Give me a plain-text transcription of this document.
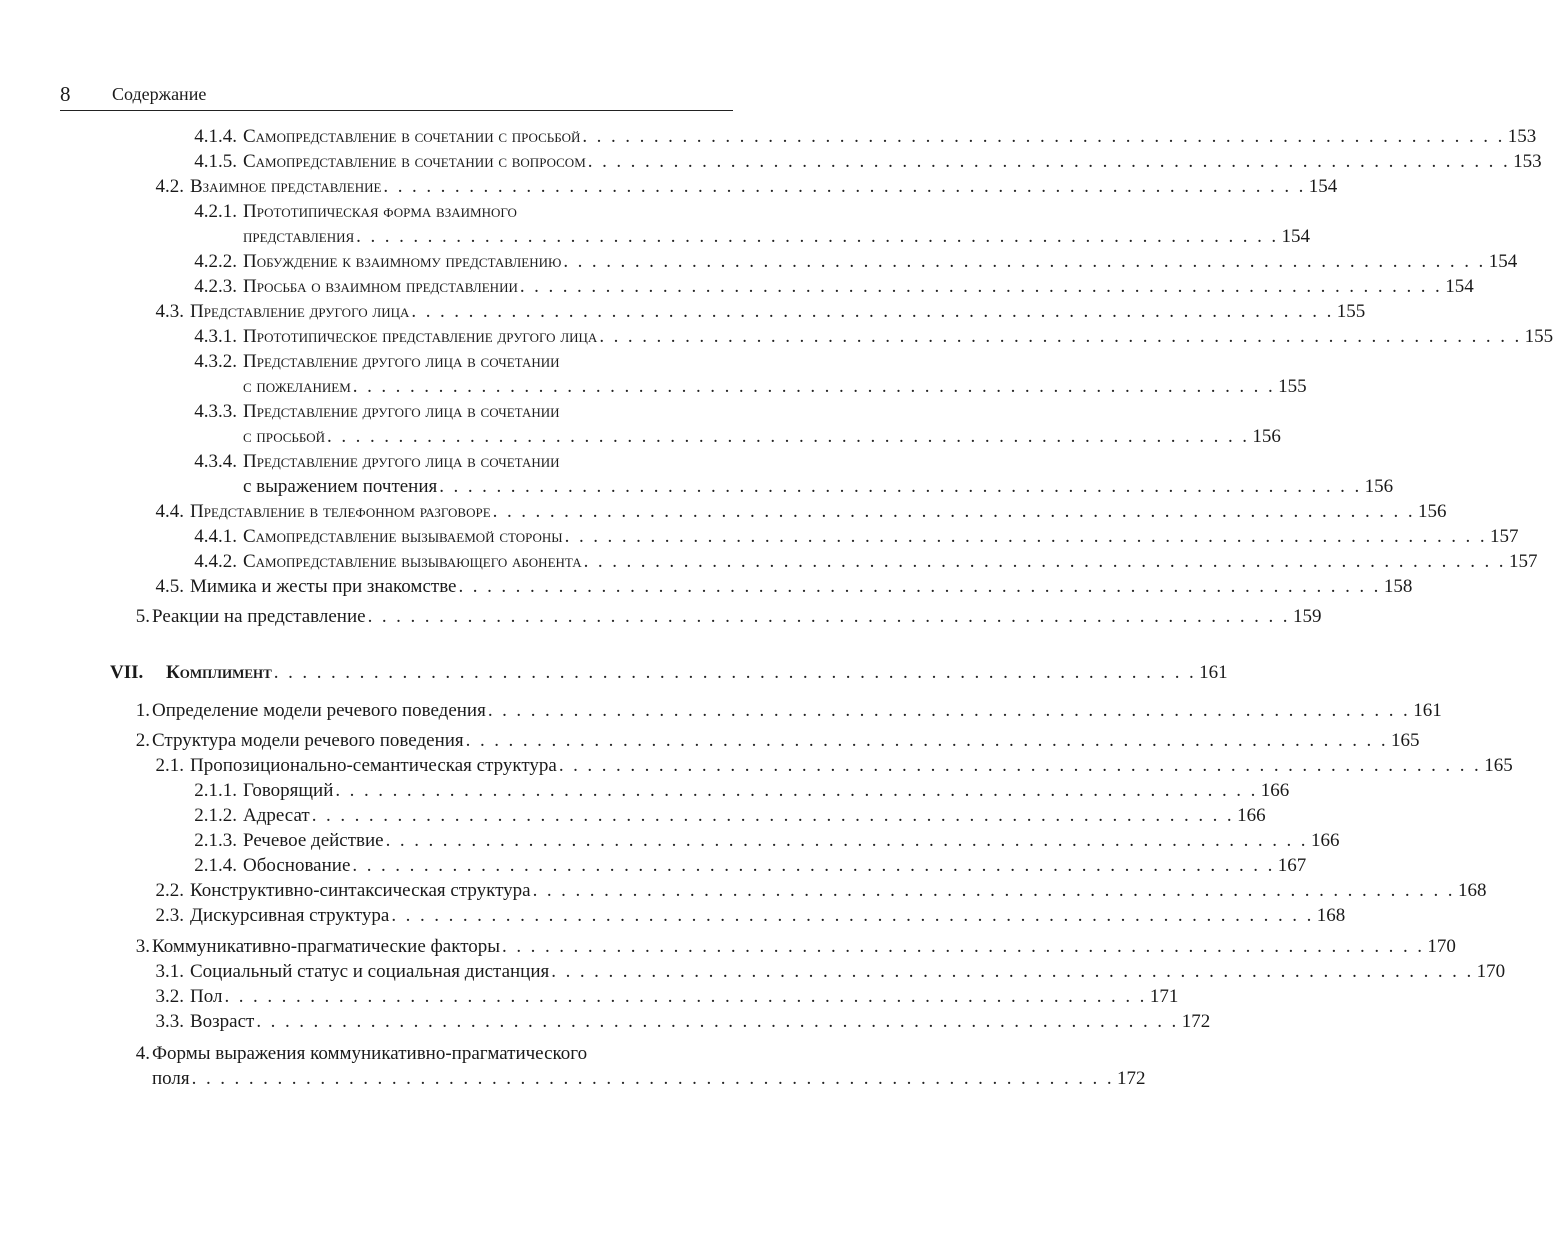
8 Содержание
4.1.4. Самопредставление в сочетании с просьбой . . . . . . . . . . . . . . . . . . . . . . . . . . . . . . . . . . . . . . . . . . . . . . . . . . . . . . . . . . . . . . . . . 153
4.1.5. Самопредставление в сочетании с вопросом . . . . . . . . . . . . . . . . . . . . . . . . . . . . . . . . . . . . . . . . . . . . . . . . . . . . . . . . . . . . . . . . . 153
4.2. Взаимное представление . . . . . . . . . . . . . . . . . . . . . . . . . . . . . . . . . . . . . . . . . . . . . . . . . . . . . . . . . . . . . . . . . 154
4.2.1. Прототипическая форма взаимного
представления . . . . . . . . . . . . . . . . . . . . . . . . . . . . . . . . . . . . . . . . . . . . . . . . . . . . . . . . . . . . . . . . . 154
4.2.2. Побуждение к взаимному представлению . . . . . . . . . . . . . . . . . . . . . . . . . . . . . . . . . . . . . . . . . . . . . . . . . . . . . . . . . . . . . . . . . 154
4.2.3. Просьба о взаимном представлении . . . . . . . . . . . . . . . . . . . . . . . . . . . . . . . . . . . . . . . . . . . . . . . . . . . . . . . . . . . . . . . . . 154
4.3. Представление другого лица . . . . . . . . . . . . . . . . . . . . . . . . . . . . . . . . . . . . . . . . . . . . . . . . . . . . . . . . . . . . . . . . . 155
4.3.1. Прототипическое представление другого лица . . . . . . . . . . . . . . . . . . . . . . . . . . . . . . . . . . . . . . . . . . . . . . . . . . . . . . . . . . . . . . . . . 155
4.3.2. Представление другого лица в сочетании
с пожеланием . . . . . . . . . . . . . . . . . . . . . . . . . . . . . . . . . . . . . . . . . . . . . . . . . . . . . . . . . . . . . . . . . 155
4.3.3. Представление другого лица в сочетании
с просьбой . . . . . . . . . . . . . . . . . . . . . . . . . . . . . . . . . . . . . . . . . . . . . . . . . . . . . . . . . . . . . . . . . 156
4.3.4. Представление другого лица в сочетании
с выражением почтения . . . . . . . . . . . . . . . . . . . . . . . . . . . . . . . . . . . . . . . . . . . . . . . . . . . . . . . . . . . . . . . . . 156
4.4. Представление в телефонном разговоре . . . . . . . . . . . . . . . . . . . . . . . . . . . . . . . . . . . . . . . . . . . . . . . . . . . . . . . . . . . . . . . . . 156
4.4.1. Самопредставление вызываемой стороны . . . . . . . . . . . . . . . . . . . . . . . . . . . . . . . . . . . . . . . . . . . . . . . . . . . . . . . . . . . . . . . . . 157
4.4.2. Самопредставление вызывающего абонента . . . . . . . . . . . . . . . . . . . . . . . . . . . . . . . . . . . . . . . . . . . . . . . . . . . . . . . . . . . . . . . . . 157
4.5. Мимика и жесты при знакомстве . . . . . . . . . . . . . . . . . . . . . . . . . . . . . . . . . . . . . . . . . . . . . . . . . . . . . . . . . . . . . . . . . 158
5. Реакции на представление . . . . . . . . . . . . . . . . . . . . . . . . . . . . . . . . . . . . . . . . . . . . . . . . . . . . . . . . . . . . . . . . . 159
VII.	Комплимент . . . . . . . . . . . . . . . . . . . . . . . . . . . . . . . . . . . . . . . . . . . . . . . . . . . . . . . . . . . . . . . . . 161
1. Определение модели речевого поведения . . . . . . . . . . . . . . . . . . . . . . . . . . . . . . . . . . . . . . . . . . . . . . . . . . . . . . . . . . . . . . . . . 161
2. Структура модели речевого поведения . . . . . . . . . . . . . . . . . . . . . . . . . . . . . . . . . . . . . . . . . . . . . . . . . . . . . . . . . . . . . . . . . 165
2.1. Пропозиционально-семантическая структура . . . . . . . . . . . . . . . . . . . . . . . . . . . . . . . . . . . . . . . . . . . . . . . . . . . . . . . . . . . . . . . . . 165
2.1.1. Говорящий . . . . . . . . . . . . . . . . . . . . . . . . . . . . . . . . . . . . . . . . . . . . . . . . . . . . . . . . . . . . . . . . . 166
2.1.2. Адресат . . . . . . . . . . . . . . . . . . . . . . . . . . . . . . . . . . . . . . . . . . . . . . . . . . . . . . . . . . . . . . . . . 166
2.1.3. Речевое действие . . . . . . . . . . . . . . . . . . . . . . . . . . . . . . . . . . . . . . . . . . . . . . . . . . . . . . . . . . . . . . . . . 166
2.1.4. Обоснование . . . . . . . . . . . . . . . . . . . . . . . . . . . . . . . . . . . . . . . . . . . . . . . . . . . . . . . . . . . . . . . . . 167
2.2. Конструктивно-синтаксическая структура . . . . . . . . . . . . . . . . . . . . . . . . . . . . . . . . . . . . . . . . . . . . . . . . . . . . . . . . . . . . . . . . . 168
2.3. Дискурсивная структура . . . . . . . . . . . . . . . . . . . . . . . . . . . . . . . . . . . . . . . . . . . . . . . . . . . . . . . . . . . . . . . . . 168
3. Коммуникативно-прагматические факторы . . . . . . . . . . . . . . . . . . . . . . . . . . . . . . . . . . . . . . . . . . . . . . . . . . . . . . . . . . . . . . . . . 170
3.1. Социальный статус и социальная дистанция . . . . . . . . . . . . . . . . . . . . . . . . . . . . . . . . . . . . . . . . . . . . . . . . . . . . . . . . . . . . . . . . . 170
3.2. Пол . . . . . . . . . . . . . . . . . . . . . . . . . . . . . . . . . . . . . . . . . . . . . . . . . . . . . . . . . . . . . . . . . 171
3.3. Возраст . . . . . . . . . . . . . . . . . . . . . . . . . . . . . . . . . . . . . . . . . . . . . . . . . . . . . . . . . . . . . . . . . 172
4. Формы выражения коммуникативно-прагматического
поля . . . . . . . . . . . . . . . . . . . . . . . . . . . . . . . . . . . . . . . . . . . . . . . . . . . . . . . . . . . . . . . . . 172
